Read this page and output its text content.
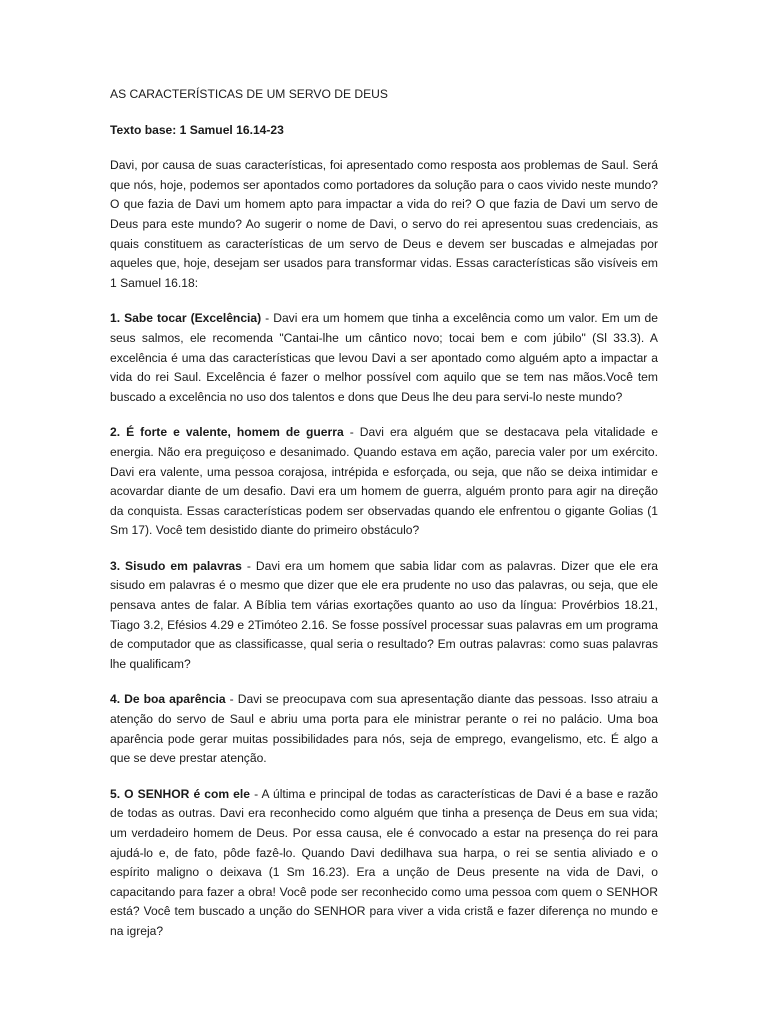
AS CARACTERÍSTICAS DE UM SERVO DE DEUS
Texto base: 1 Samuel 16.14-23

Davi, por causa de suas características, foi apresentado como resposta aos problemas de Saul. Será que nós, hoje, podemos ser apontados como portadores da solução para o caos vivido neste mundo? O que fazia de Davi um homem apto para impactar a vida do rei? O que fazia de Davi um servo de Deus para este mundo? Ao sugerir o nome de Davi, o servo do rei apresentou suas credenciais, as quais constituem as características de um servo de Deus e devem ser buscadas e almejadas por aqueles que, hoje, desejam ser usados para transformar vidas. Essas características são visíveis em 1 Samuel 16.18:

1. Sabe tocar (Excelência) - Davi era um homem que tinha a excelência como um valor. Em um de seus salmos, ele recomenda "Cantai-lhe um cântico novo; tocai bem e com júbilo" (Sl 33.3). A excelência é uma das características que levou Davi a ser apontado como alguém apto a impactar a vida do rei Saul. Excelência é fazer o melhor possível com aquilo que se tem nas mãos.Você tem buscado a excelência no uso dos talentos e dons que Deus lhe deu para servi-lo neste mundo?

2. É forte e valente, homem de guerra - Davi era alguém que se destacava pela vitalidade e energia. Não era preguiçoso e desanimado. Quando estava em ação, parecia valer por um exército. Davi era valente, uma pessoa corajosa, intrépida e esforçada, ou seja, que não se deixa intimidar e acovardar diante de um desafio. Davi era um homem de guerra, alguém pronto para agir na direção da conquista. Essas características podem ser observadas quando ele enfrentou o gigante Golias (1 Sm 17). Você tem desistido diante do primeiro obstáculo?

3. Sisudo em palavras - Davi era um homem que sabia lidar com as palavras. Dizer que ele era sisudo em palavras é o mesmo que dizer que ele era prudente no uso das palavras, ou seja, que ele pensava antes de falar. A Bíblia tem várias exortações quanto ao uso da língua: Provérbios 18.21, Tiago 3.2, Efésios 4.29 e 2Timóteo 2.16. Se fosse possível processar suas palavras em um programa de computador que as classificasse, qual seria o resultado? Em outras palavras: como suas palavras lhe qualificam?

4. De boa aparência - Davi se preocupava com sua apresentação diante das pessoas. Isso atraiu a atenção do servo de Saul e abriu uma porta para ele ministrar perante o rei no palácio. Uma boa aparência pode gerar muitas possibilidades para nós, seja de emprego, evangelismo, etc. É algo a que se deve prestar atenção.

5. O SENHOR é com ele - A última e principal de todas as características de Davi é a base e razão de todas as outras. Davi era reconhecido como alguém que tinha a presença de Deus em sua vida; um verdadeiro homem de Deus. Por essa causa, ele é convocado a estar na presença do rei para ajudá-lo e, de fato, pôde fazê-lo. Quando Davi dedilhava sua harpa, o rei se sentia aliviado e o espírito maligno o deixava (1 Sm 16.23). Era a unção de Deus presente na vida de Davi, o capacitando para fazer a obra! Você pode ser reconhecido como uma pessoa com quem o SENHOR está? Você tem buscado a unção do SENHOR para viver a vida cristã e fazer diferença no mundo e na igreja?
